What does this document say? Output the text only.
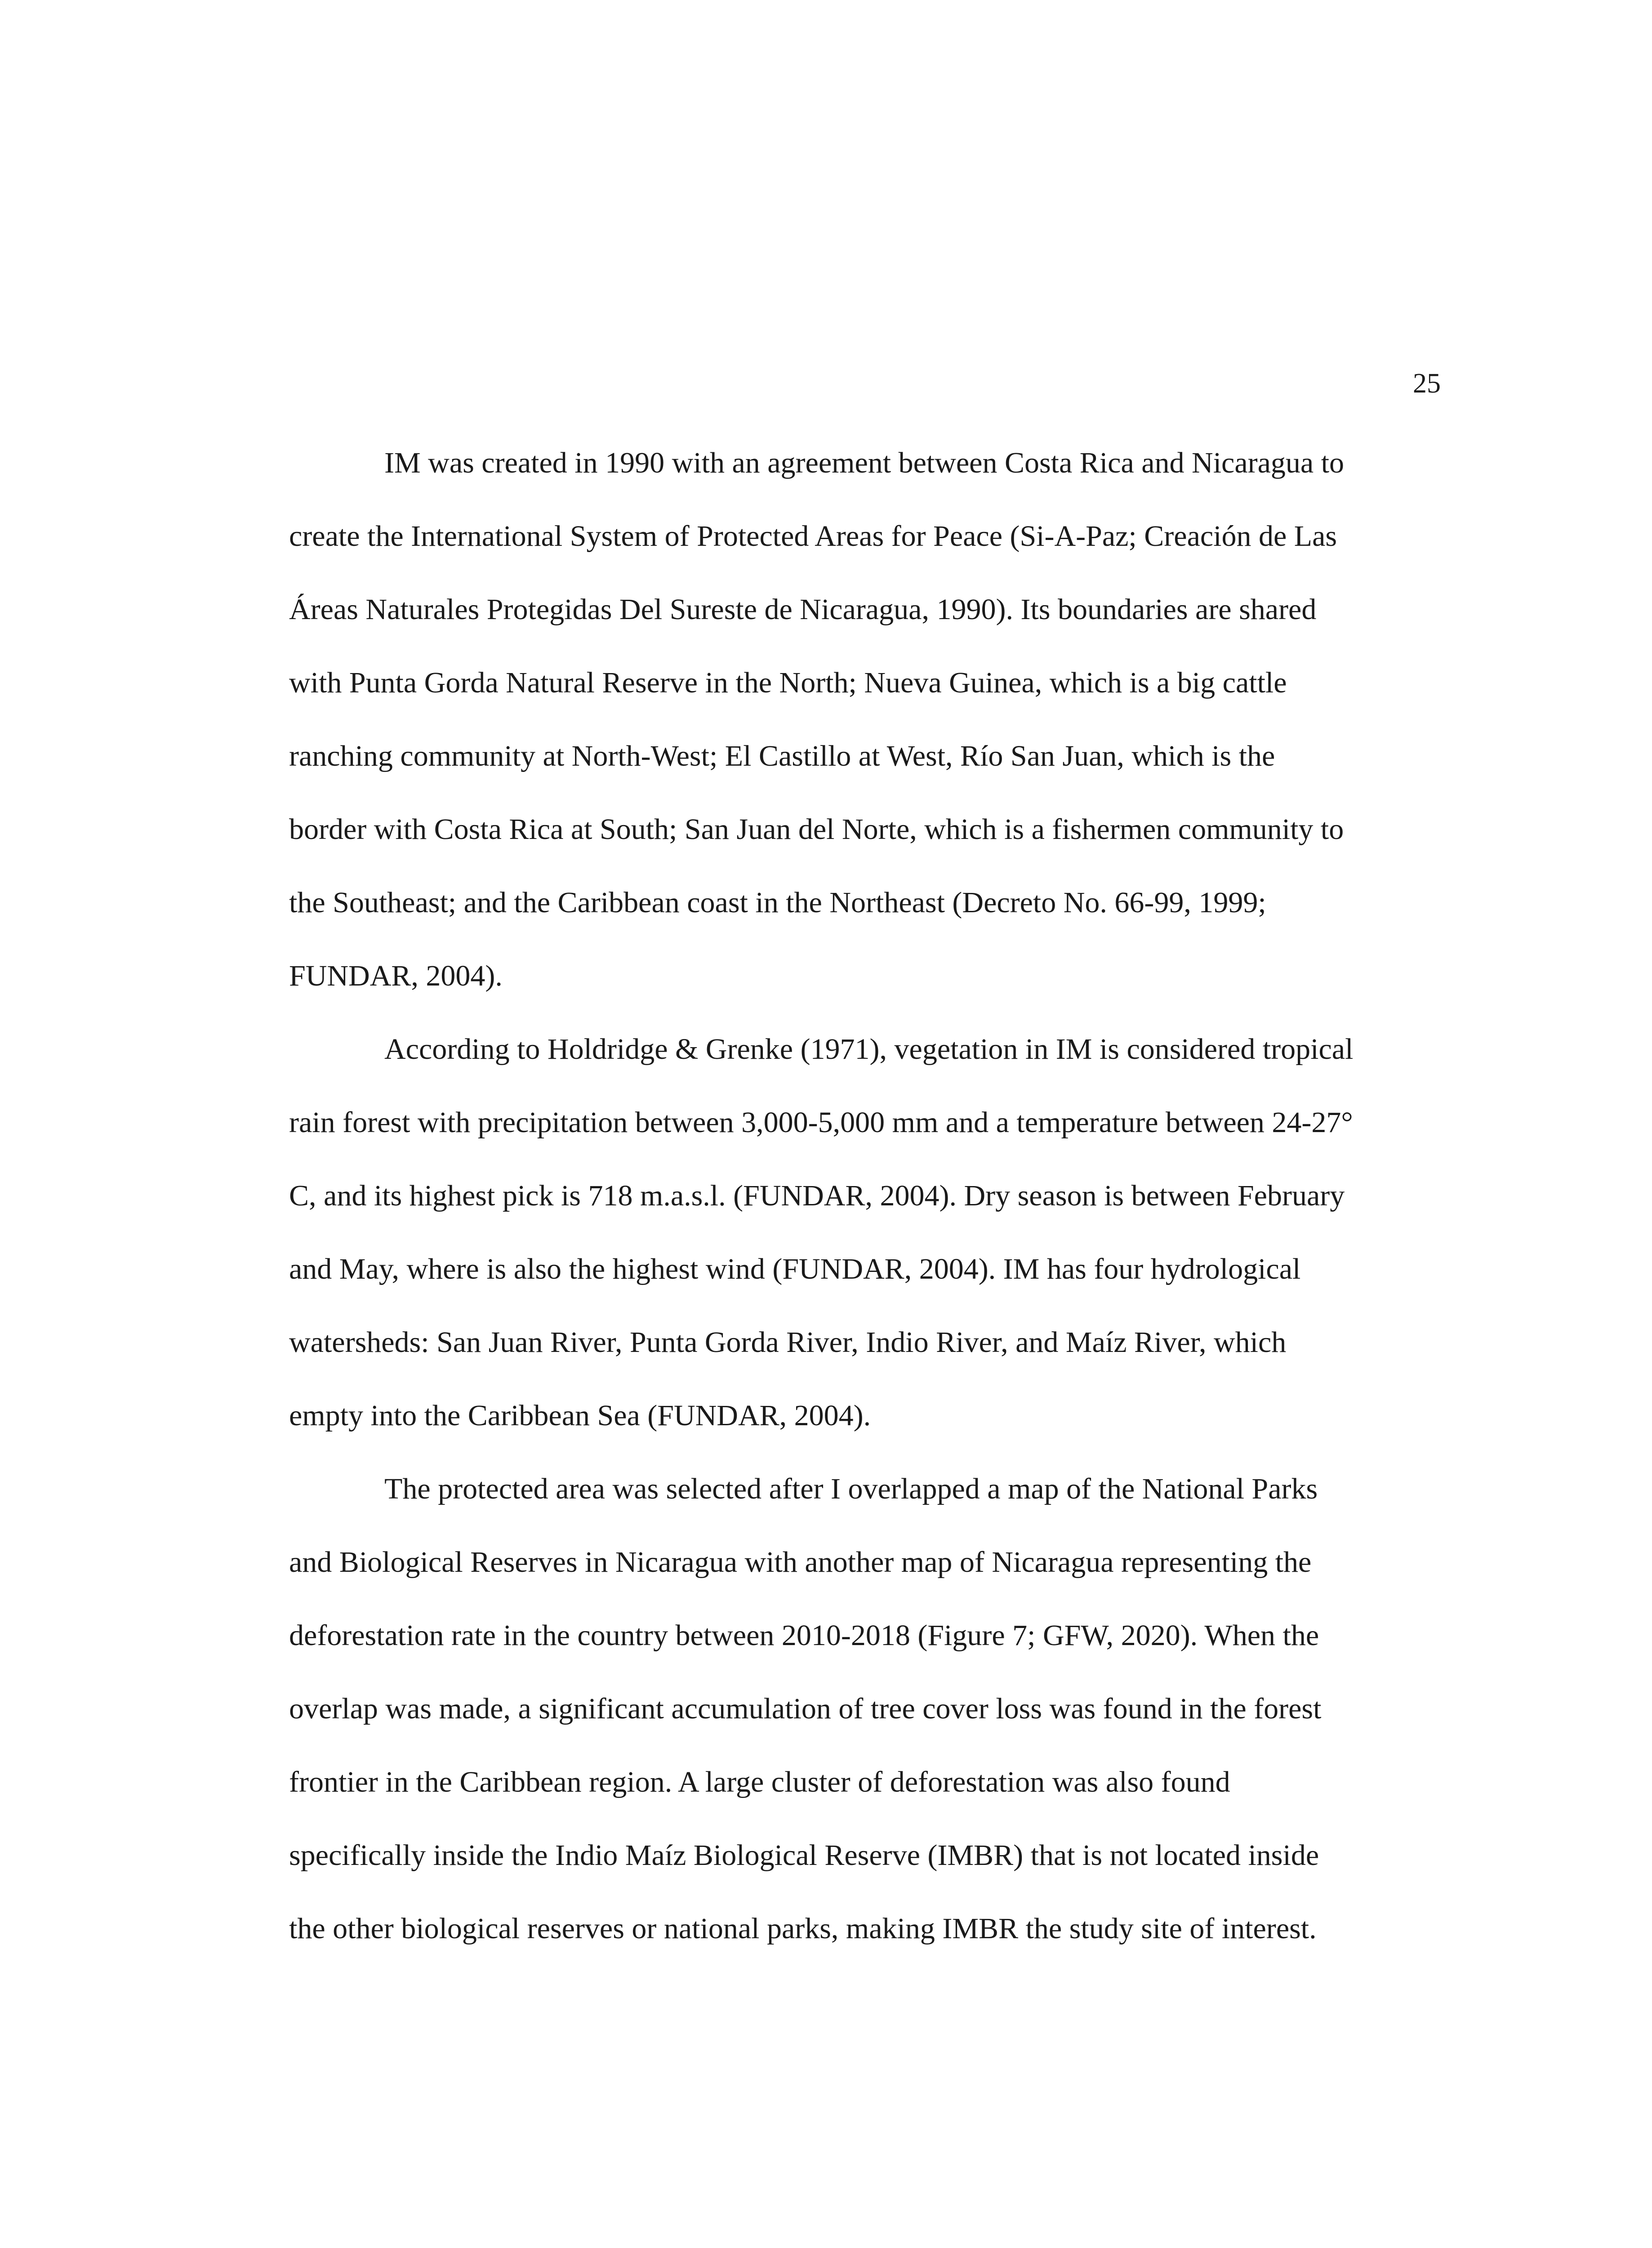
25
IM was created in 1990 with an agreement between Costa Rica and Nicaragua to
create the International System of Protected Areas for Peace (Si-A-Paz; Creación de Las
Áreas Naturales Protegidas Del Sureste de Nicaragua, 1990). Its boundaries are shared
with Punta Gorda Natural Reserve in the North; Nueva Guinea, which is a big cattle
ranching community at North-West; El Castillo at West, Río San Juan, which is the
border with Costa Rica at South; San Juan del Norte, which is a fishermen community to
the Southeast; and the Caribbean coast in the Northeast (Decreto No. 66-99, 1999;
FUNDAR, 2004).
According to Holdridge & Grenke (1971), vegetation in IM is considered tropical
rain forest with precipitation between 3,000-5,000 mm and a temperature between 24-27°
C, and its highest pick is 718 m.a.s.l. (FUNDAR, 2004). Dry season is between February
and May, where is also the highest wind (FUNDAR, 2004). IM has four hydrological
watersheds: San Juan River, Punta Gorda River, Indio River, and Maíz River, which
empty into the Caribbean Sea (FUNDAR, 2004).
The protected area was selected after I overlapped a map of the National Parks
and Biological Reserves in Nicaragua with another map of Nicaragua representing the
deforestation rate in the country between 2010-2018 (Figure 7; GFW, 2020). When the
overlap was made, a significant accumulation of tree cover loss was found in the forest
frontier in the Caribbean region. A large cluster of deforestation was also found
specifically inside the Indio Maíz Biological Reserve (IMBR) that is not located inside
the other biological reserves or national parks, making IMBR the study site of interest.
